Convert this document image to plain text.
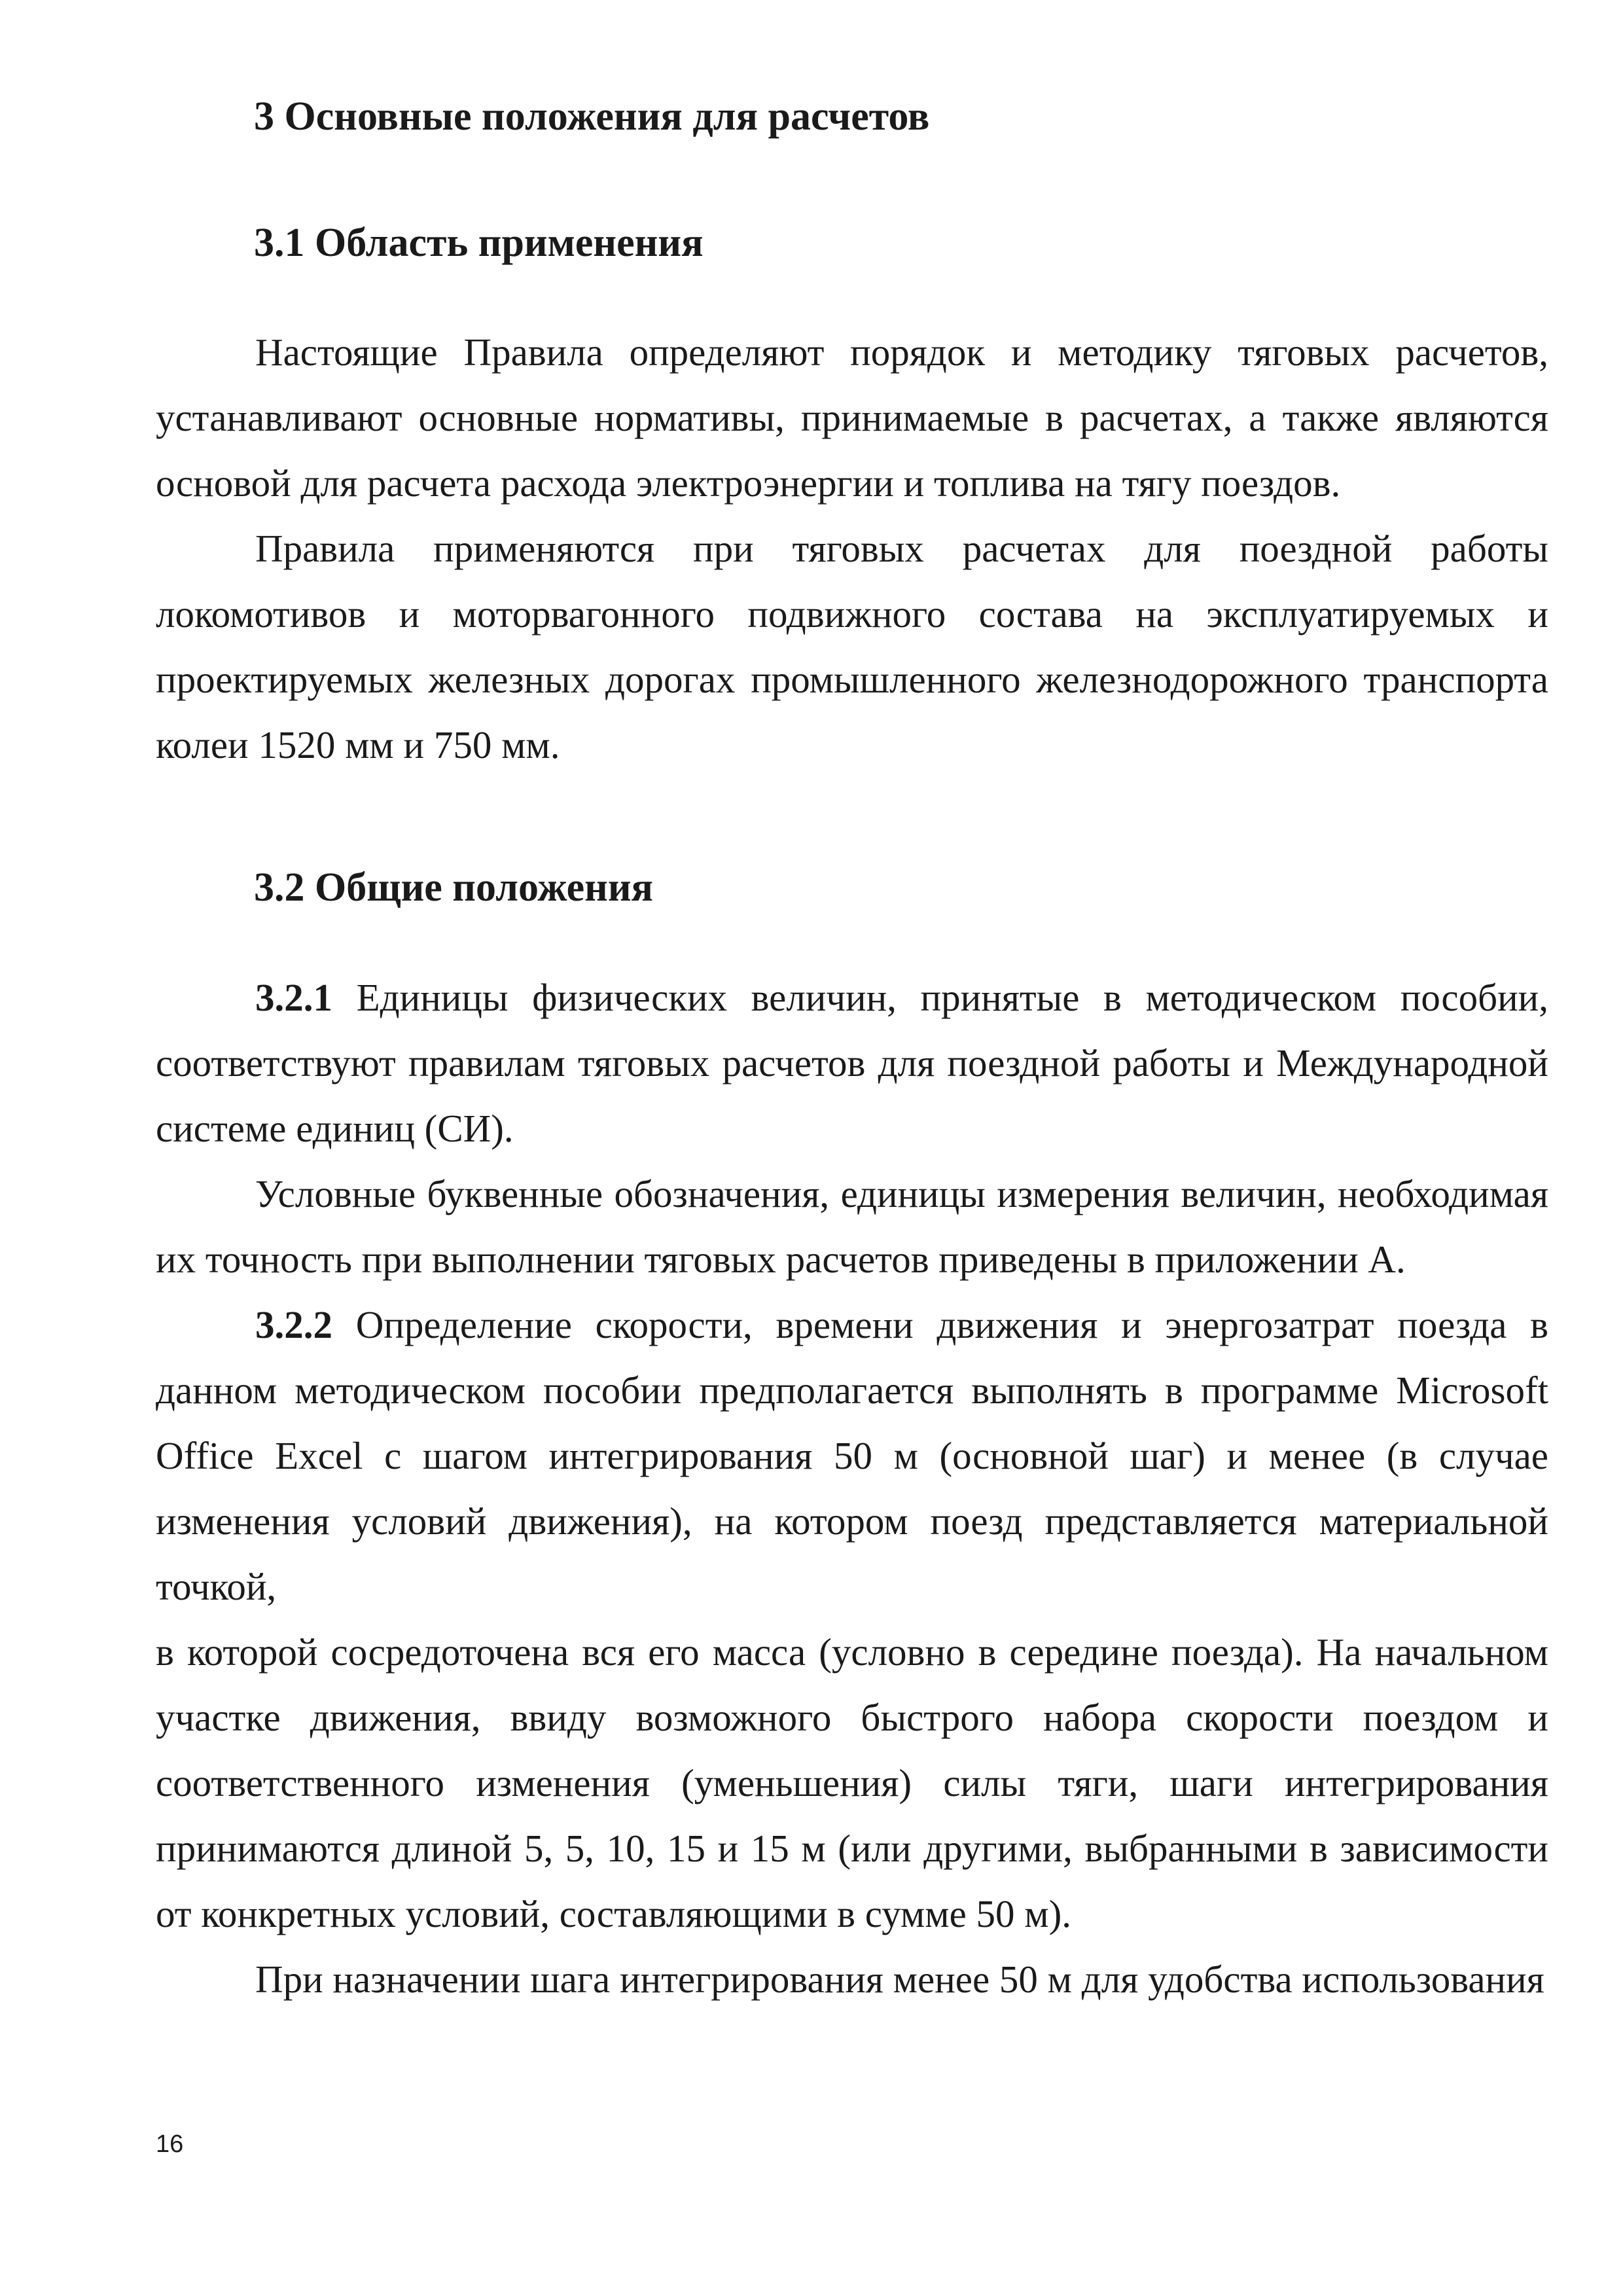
3 Основные положения для расчетов
3.1 Область применения

Настоящие Правила определяют порядок и методику тяговых расчетов, устанавливают основные нормативы, принимаемые в расчетах, а также являются основой для расчета расхода электроэнергии и топлива на тягу поездов.

Правила применяются при тяговых расчетах для поездной работы локомотивов и моторвагонного подвижного состава на эксплуатируемых и проектируемых железных дорогах промышленного железнодорожного транспорта колеи 1520 мм и 750 мм.

3.2 Общие положения

3.2.1 Единицы физических величин, принятые в методическом пособии, соответствуют правилам тяговых расчетов для поездной работы и Международной системе единиц (СИ).

Условные буквенные обозначения, единицы измерения величин, необходимая их точность при выполнении тяговых расчетов приведены в приложении А.

3.2.2 Определение скорости, времени движения и энергозатрат поезда в данном методическом пособии предполагается выполнять в программе Microsoft Office Excel с шагом интегрирования 50 м (основной шаг) и менее (в случае изменения условий движения), на котором поезд представляется материальной точкой,

в которой сосредоточена вся его масса (условно в середине поезда). На начальном участке движения, ввиду возможного быстрого набора скорости поездом и соответственного изменения (уменьшения) силы тяги, шаги интегрирования принимаются длиной 5, 5, 10, 15 и 15 м (или другими, выбранными в зависимости от конкретных условий, составляющими в сумме 50 м).

При назначении шага интегрирования менее 50 м для удобства использования

16
